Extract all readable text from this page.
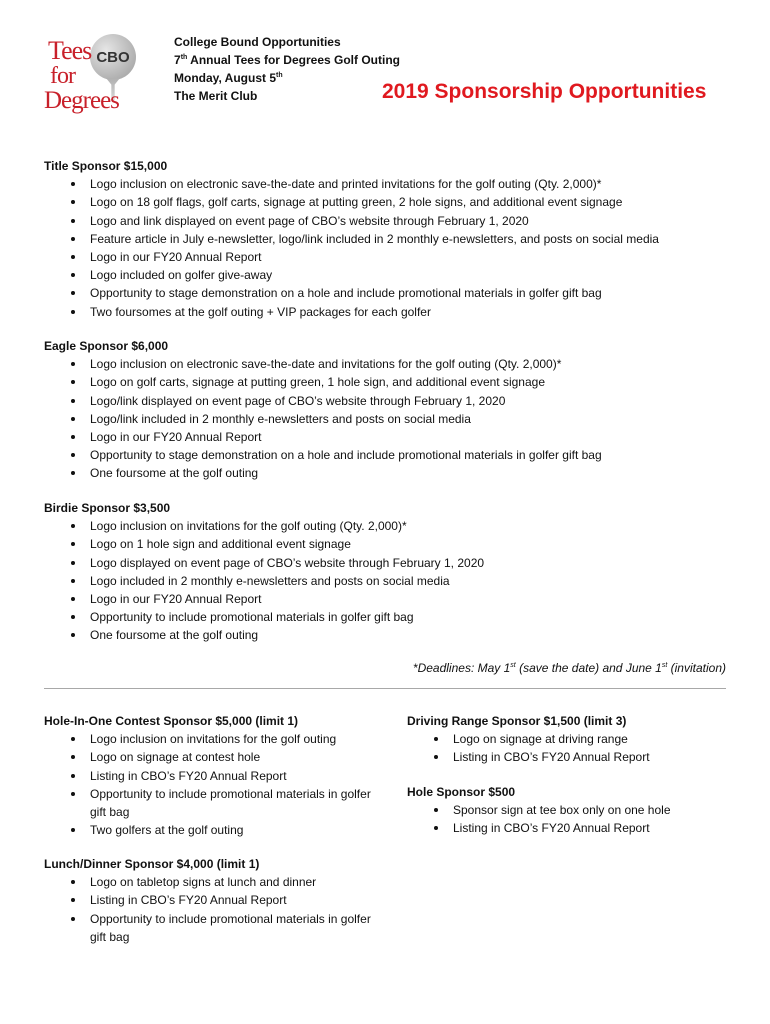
CBO
Tees
for
Degrees
College Bound Opportunities
7th Annual Tees for Degrees Golf Outing
Monday, August 5th
The Merit Club	2019 Sponsorship Opportunities
Title Sponsor $15,000
Logo inclusion on electronic save-the-date and printed invitations for the golf outing (Qty. 2,000)*
Logo on 18 golf flags, golf carts, signage at putting green, 2 hole signs, and additional event signage
Logo and link displayed on event page of CBO’s website through February 1, 2020
Feature article in July e-newsletter, logo/link included in 2 monthly e-newsletters, and posts on social media
Logo in our FY20 Annual Report
Logo included on golfer give-away
Opportunity to stage demonstration on a hole and include promotional materials in golfer gift bag
Two foursomes at the golf outing + VIP packages for each golfer
Eagle Sponsor $6,000
Logo inclusion on electronic save-the-date and invitations for the golf outing (Qty. 2,000)*
Logo on golf carts, signage at putting green, 1 hole sign, and additional event signage
Logo/link displayed on event page of CBO’s website through February 1, 2020
Logo/link included in 2 monthly e-newsletters and posts on social media
Logo in our FY20 Annual Report
Opportunity to stage demonstration on a hole and include promotional materials in golfer gift bag
One foursome at the golf outing
Birdie Sponsor $3,500
Logo inclusion on invitations for the golf outing (Qty. 2,000)*
Logo on 1 hole sign and additional event signage
Logo displayed on event page of CBO’s website through February 1, 2020
Logo included in 2 monthly e-newsletters and posts on social media
Logo in our FY20 Annual Report
Opportunity to include promotional materials in golfer gift bag
One foursome at the golf outing
*Deadlines: May 1st (save the date) and June 1st (invitation)
Hole-In-One Contest Sponsor $5,000 (limit 1)
Logo inclusion on invitations for the golf outing
Logo on signage at contest hole
Listing in CBO’s FY20 Annual Report
Opportunity to include promotional materials in golfer gift bag
Two golfers at the golf outing
Lunch/Dinner Sponsor $4,000 (limit 1)
Logo on tabletop signs at lunch and dinner
Listing in CBO’s FY20 Annual Report
Opportunity to include promotional materials in golfer gift bag
Driving Range Sponsor $1,500 (limit 3)
Logo on signage at driving range
Listing in CBO’s FY20 Annual Report
Hole Sponsor $500
Sponsor sign at tee box only on one hole
Listing in CBO’s FY20 Annual Report
